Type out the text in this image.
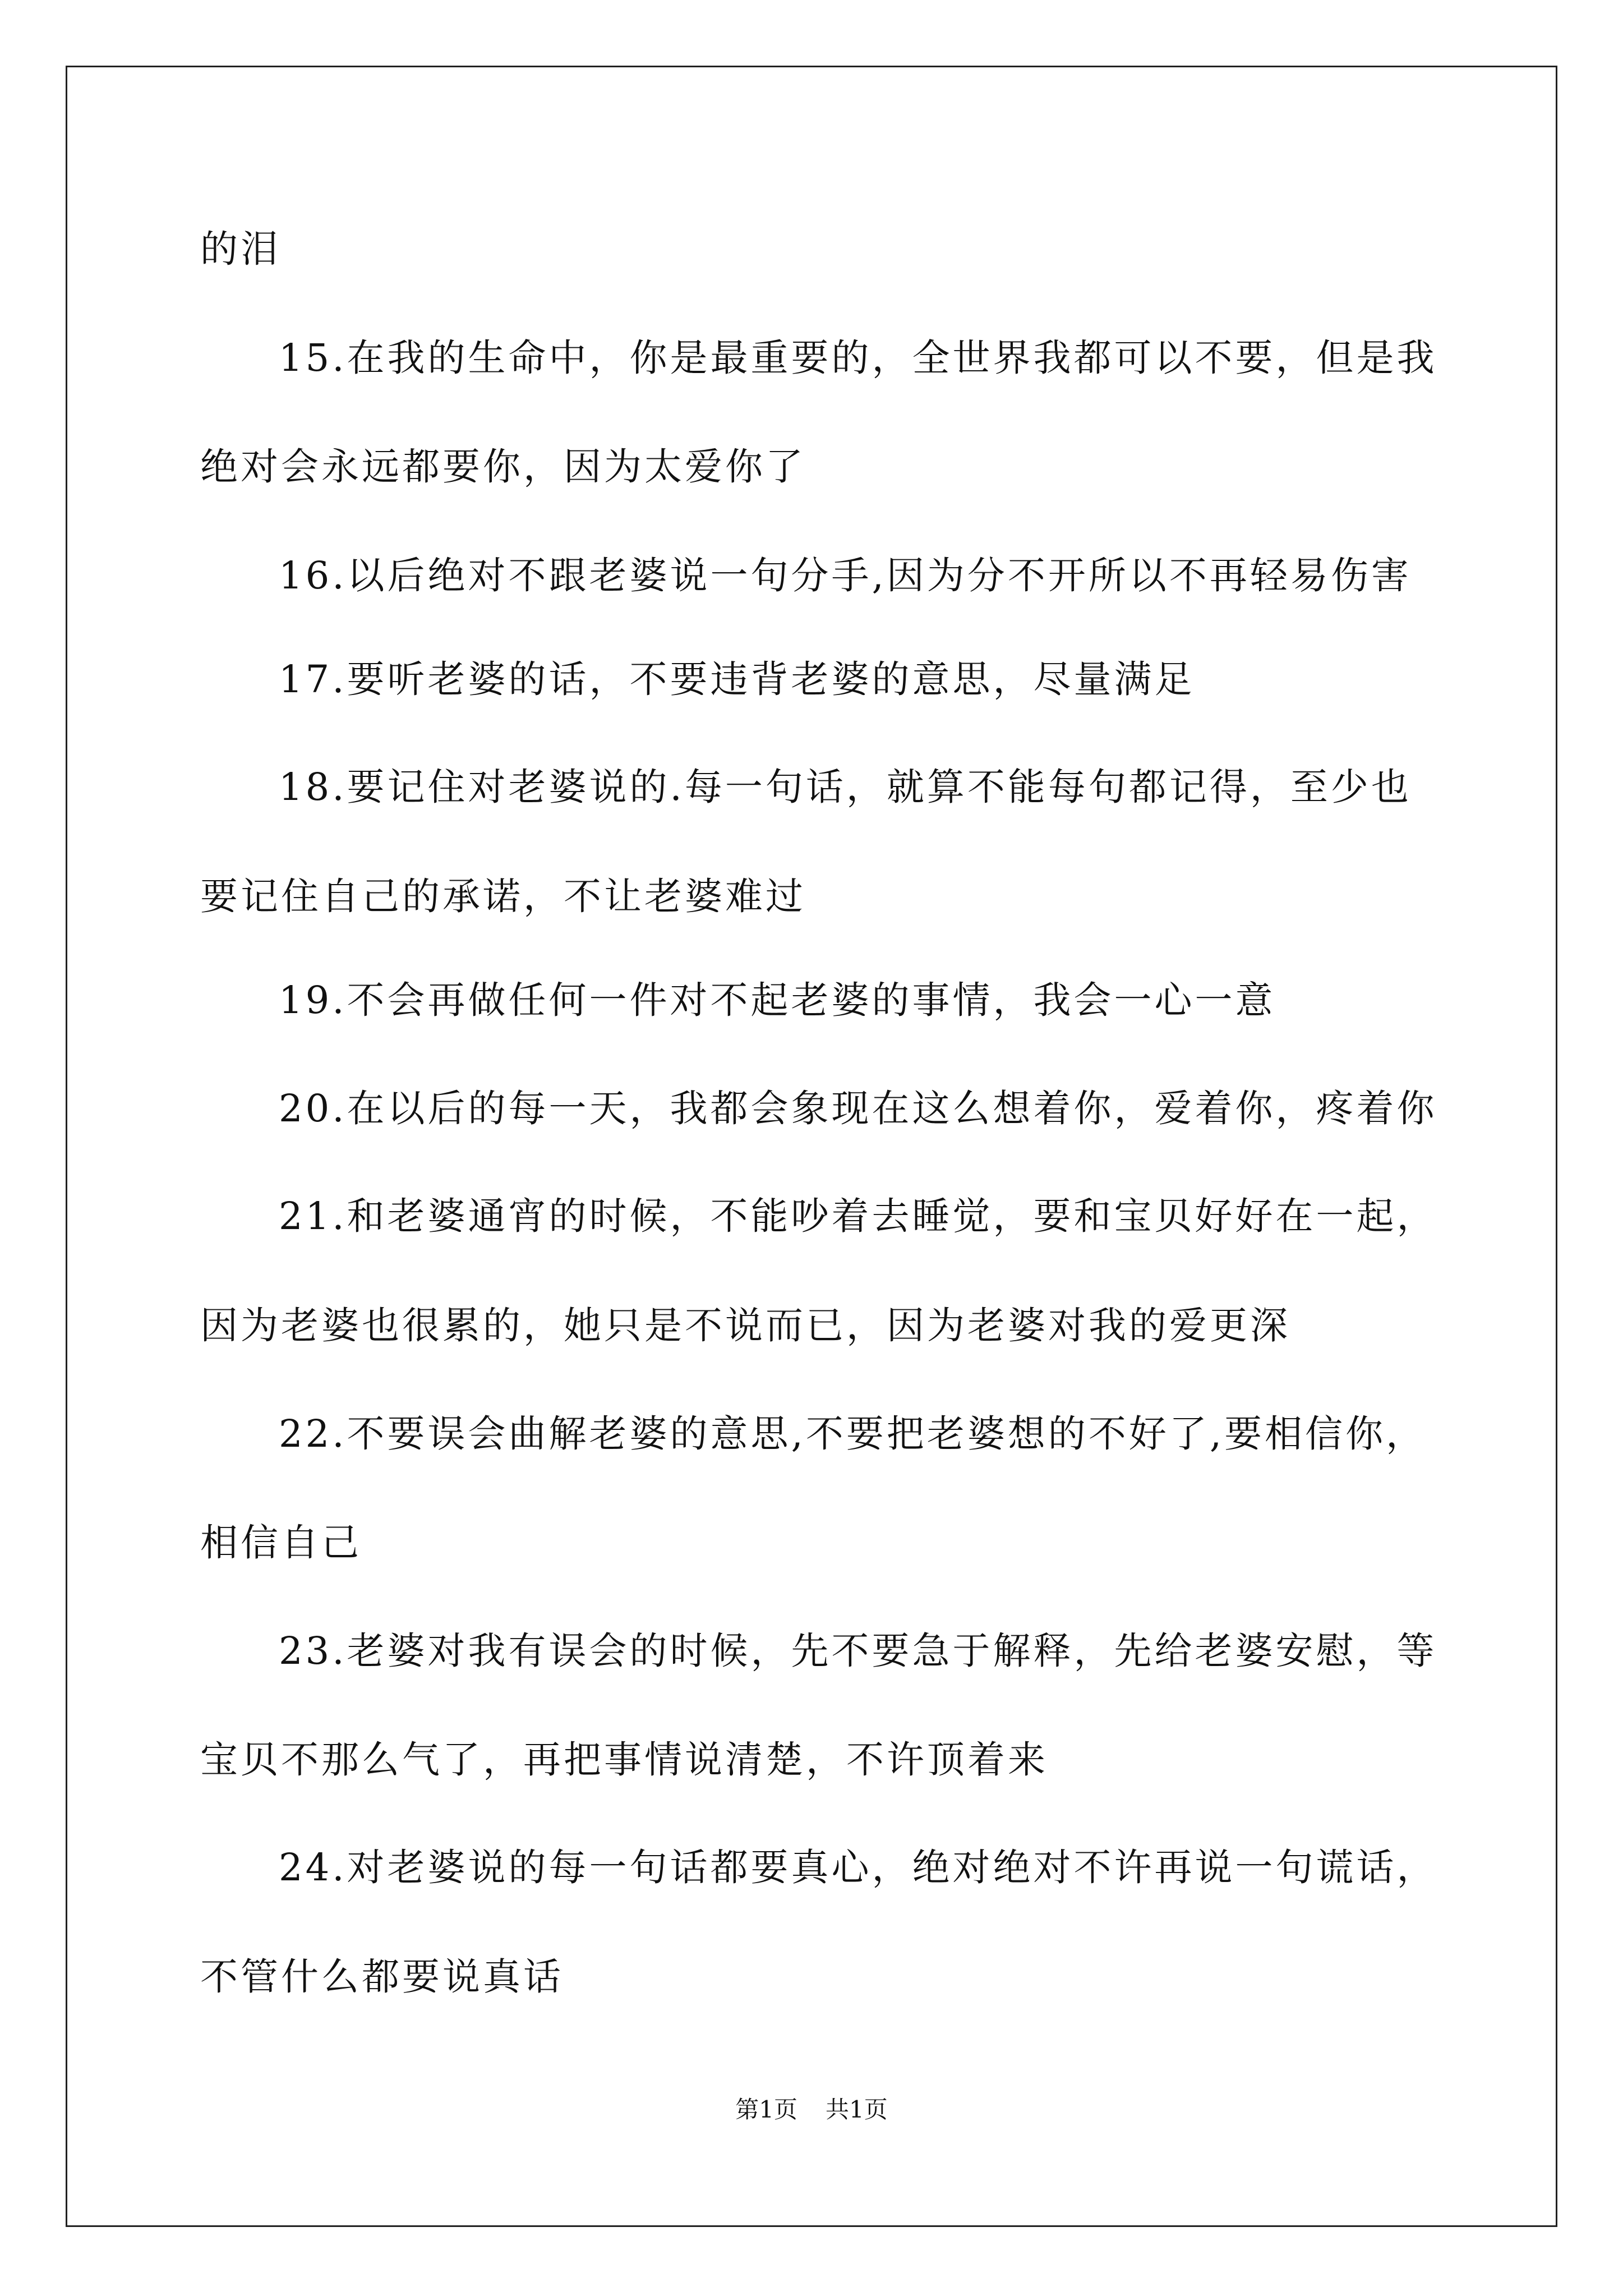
的泪
15.在我的生命中，你是最重要的，全世界我都可以不要，但是我
绝对会永远都要你，因为太爱你了
16.以后绝对不跟老婆说一句分手,因为分不开所以不再轻易伤害
17.要听老婆的话，不要违背老婆的意思，尽量满足
18.要记住对老婆说的.每一句话，就算不能每句都记得，至少也
要记住自己的承诺，不让老婆难过
19.不会再做任何一件对不起老婆的事情，我会一心一意
20.在以后的每一天，我都会象现在这么想着你，爱着你，疼着你
21.和老婆通宵的时候，不能吵着去睡觉，要和宝贝好好在一起，
因为老婆也很累的，她只是不说而已，因为老婆对我的爱更深
22.不要误会曲解老婆的意思,不要把老婆想的不好了,要相信你，
相信自己
23.老婆对我有误会的时候，先不要急于解释，先给老婆安慰，等
宝贝不那么气了，再把事情说清楚，不许顶着来
24.对老婆说的每一句话都要真心，绝对绝对不许再说一句谎话，
不管什么都要说真话
第1页 共1页
